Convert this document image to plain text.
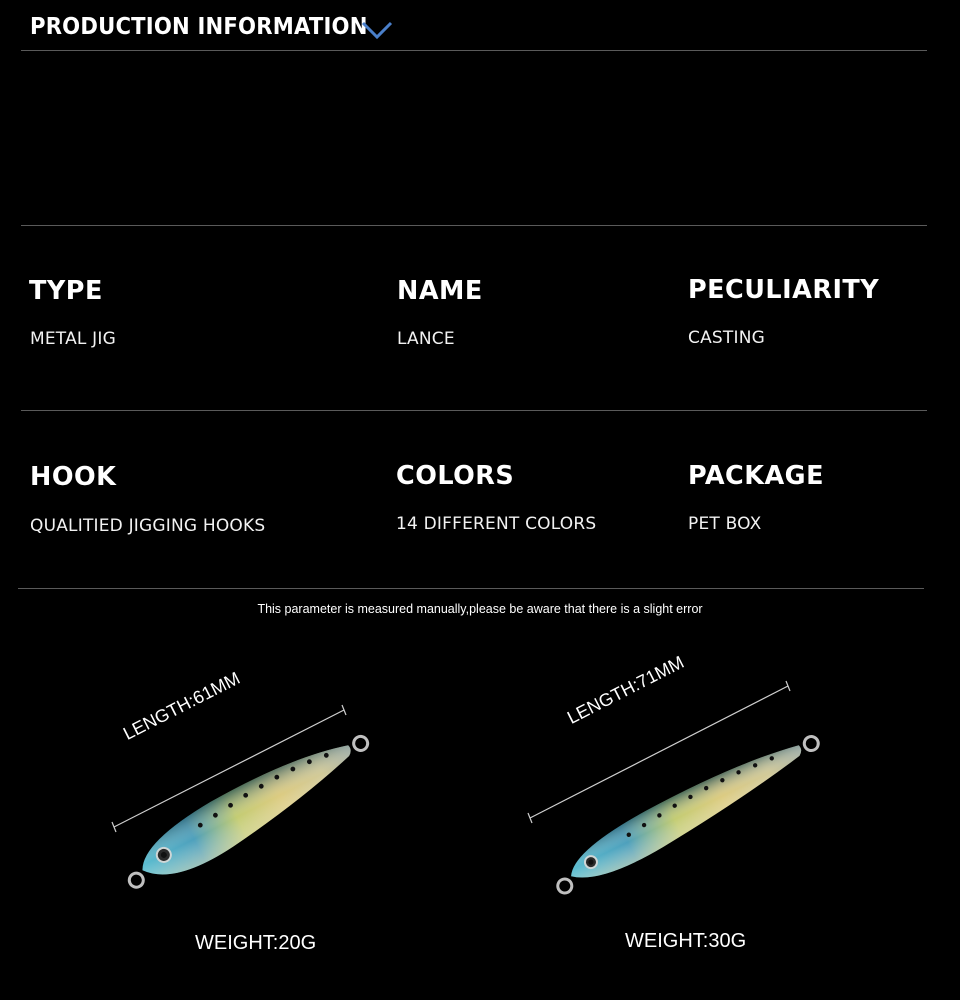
PRODUCTION INFORMATION
TYPE
METAL JIG
NAME
LANCE
PECULIARITY
CASTING
HOOK
QUALITIED JIGGING HOOKS
COLORS
14 DIFFERENT COLORS
PACKAGE
PET BOX
This parameter is measured manually,please be aware that there is a slight error
LENGTH:61MM
WEIGHT:20G
LENGTH:71MM
WEIGHT:30G
